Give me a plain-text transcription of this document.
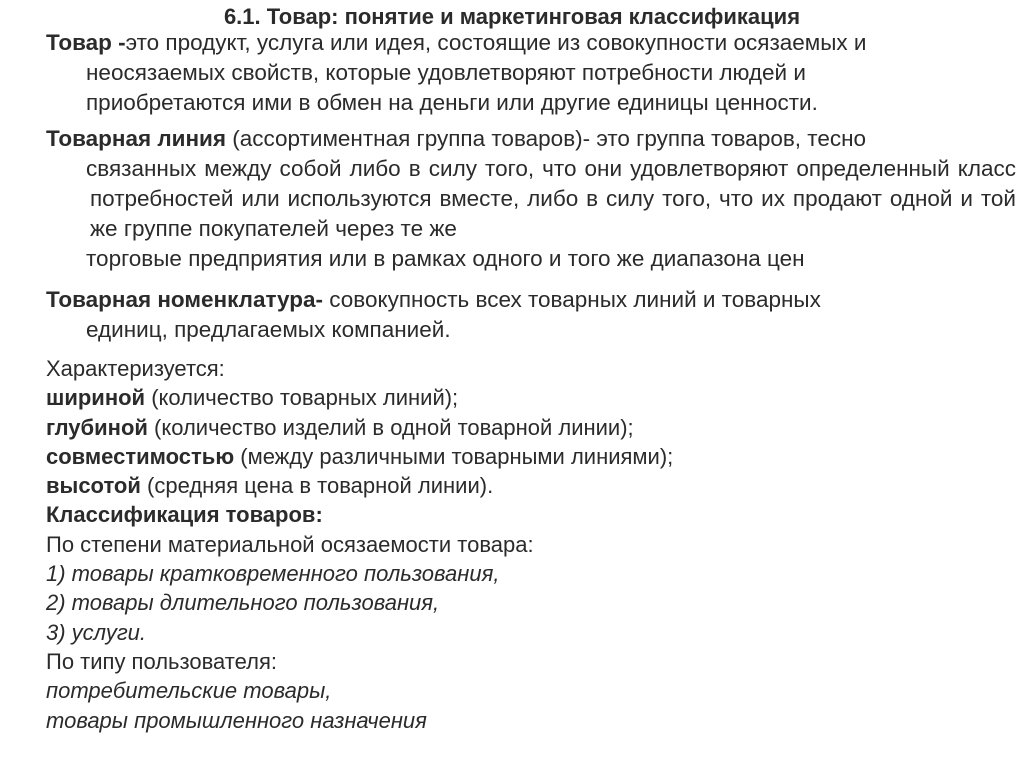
6.1. Товар: понятие и маркетинговая классификация
Товар -это продукт, услуга или идея, состоящие из совокупности осязаемых и
неосязаемых свойств, которые удовлетворяют потребности людей и
приобретаются ими в обмен на деньги или другие единицы ценности.
Товарная линия (ассортиментная группа товаров)- это группа товаров, тесно
связанных между собой либо в силу того, что они удовлетворяют определенный класс потребностей или используются вместе, либо в силу того, что их продают одной и той же группе покупателей через те же
торговые предприятия или в рамках одного и того же диапазона цен
Товарная номенклатура- совокупность всех товарных линий и товарных
единиц, предлагаемых компанией.
Характеризуется:
шириной (количество товарных линий);
глубиной (количество изделий в одной товарной линии);
совместимостью (между различными товарными линиями);
высотой (средняя цена в товарной линии).
Классификация товаров:
По степени материальной осязаемости товара:
1) товары кратковременного пользования,
2) товары длительного пользования,
3) услуги.
По типу пользователя:
потребительские товары,
товары промышленного назначения
